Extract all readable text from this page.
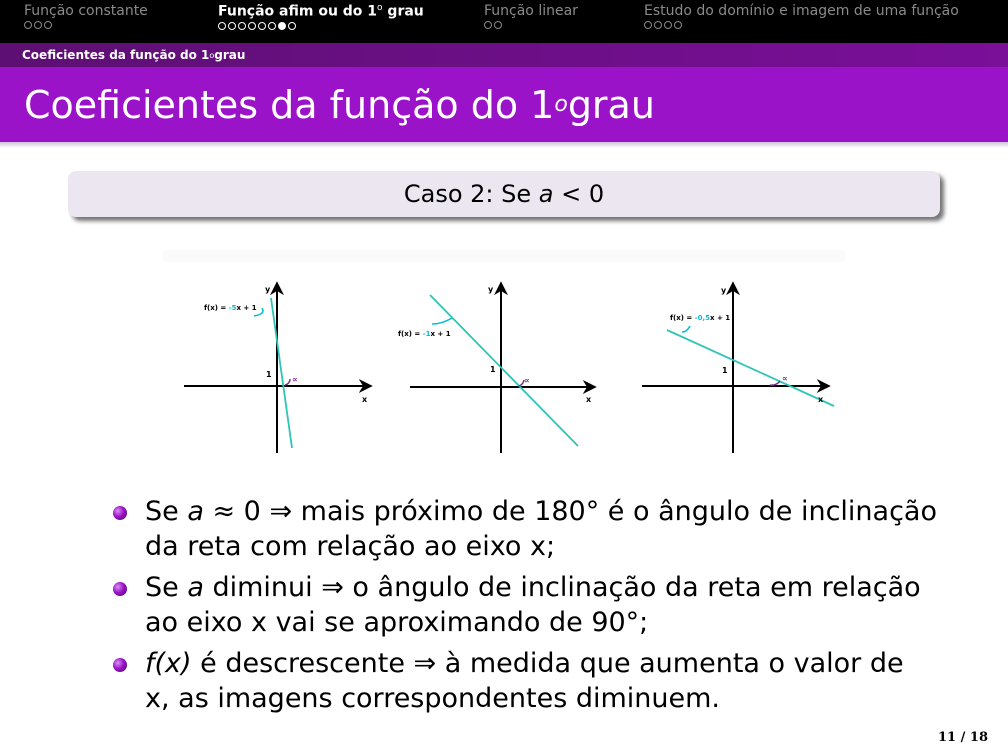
Função constante	Função afim ou do 1$^o$ grau	Função linear	Estudo do domínio e imagem de uma função
Coeficientes da função do 1 o grau
Coeficientes da função do 1 o grau
Caso 2: Se a < 0
∝
1
y
x
f(x) = -5x + 1
∝
1
y
x
f(x) = -1x + 1
∝
1
y
x
f(x) = -0,5x + 1
Se a ≈ 0 ⇒ mais próximo de 180° é o ângulo de inclinação
da reta com relação ao eixo x;
Se a diminui ⇒ o ângulo de inclinação da reta em relação
ao eixo x vai se aproximando de 90°;
f(x) é descrescente ⇒ à medida que aumenta o valor de
x, as imagens correspondentes diminuem.
11 / 18
